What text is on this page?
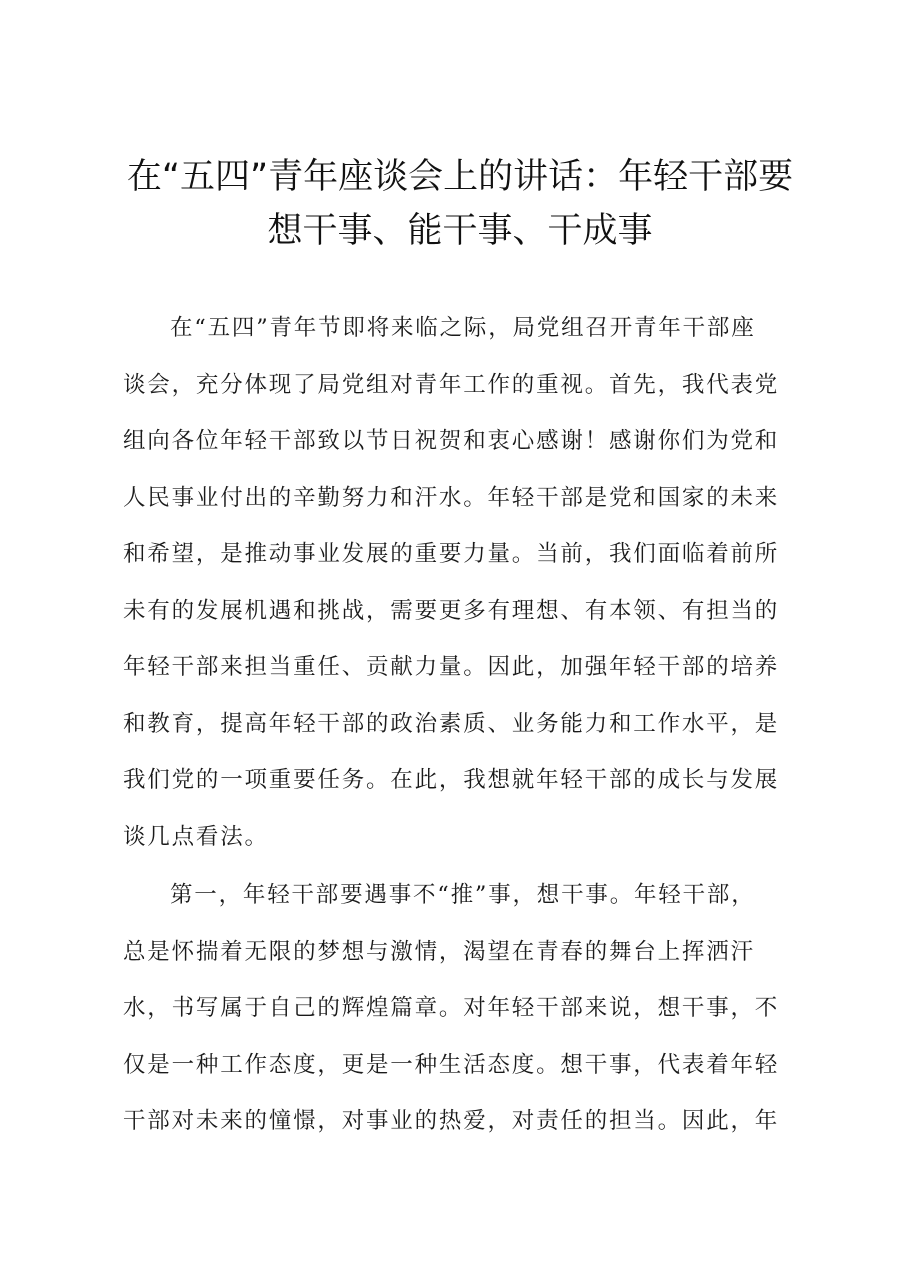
在“五四”青年座谈会上的讲话：年轻干部要
想干事、能干事、干成事
在“五四”青年节即将来临之际，局党组召开青年干部座
谈会，充分体现了局党组对青年工作的重视。首先，我代表党
组向各位年轻干部致以节日祝贺和衷心感谢！感谢你们为党和
人民事业付出的辛勤努力和汗水。年轻干部是党和国家的未来
和希望，是推动事业发展的重要力量。当前，我们面临着前所
未有的发展机遇和挑战，需要更多有理想、有本领、有担当的
年轻干部来担当重任、贡献力量。因此，加强年轻干部的培养
和教育，提高年轻干部的政治素质、业务能力和工作水平，是
我们党的一项重要任务。在此，我想就年轻干部的成长与发展
谈几点看法。
第一，年轻干部要遇事不“推”事，想干事。年轻干部，
总是怀揣着无限的梦想与激情，渴望在青春的舞台上挥洒汗
水，书写属于自己的辉煌篇章。对年轻干部来说，想干事，不
仅是一种工作态度，更是一种生活态度。想干事，代表着年轻
干部对未来的憧憬，对事业的热爱，对责任的担当。因此，年
